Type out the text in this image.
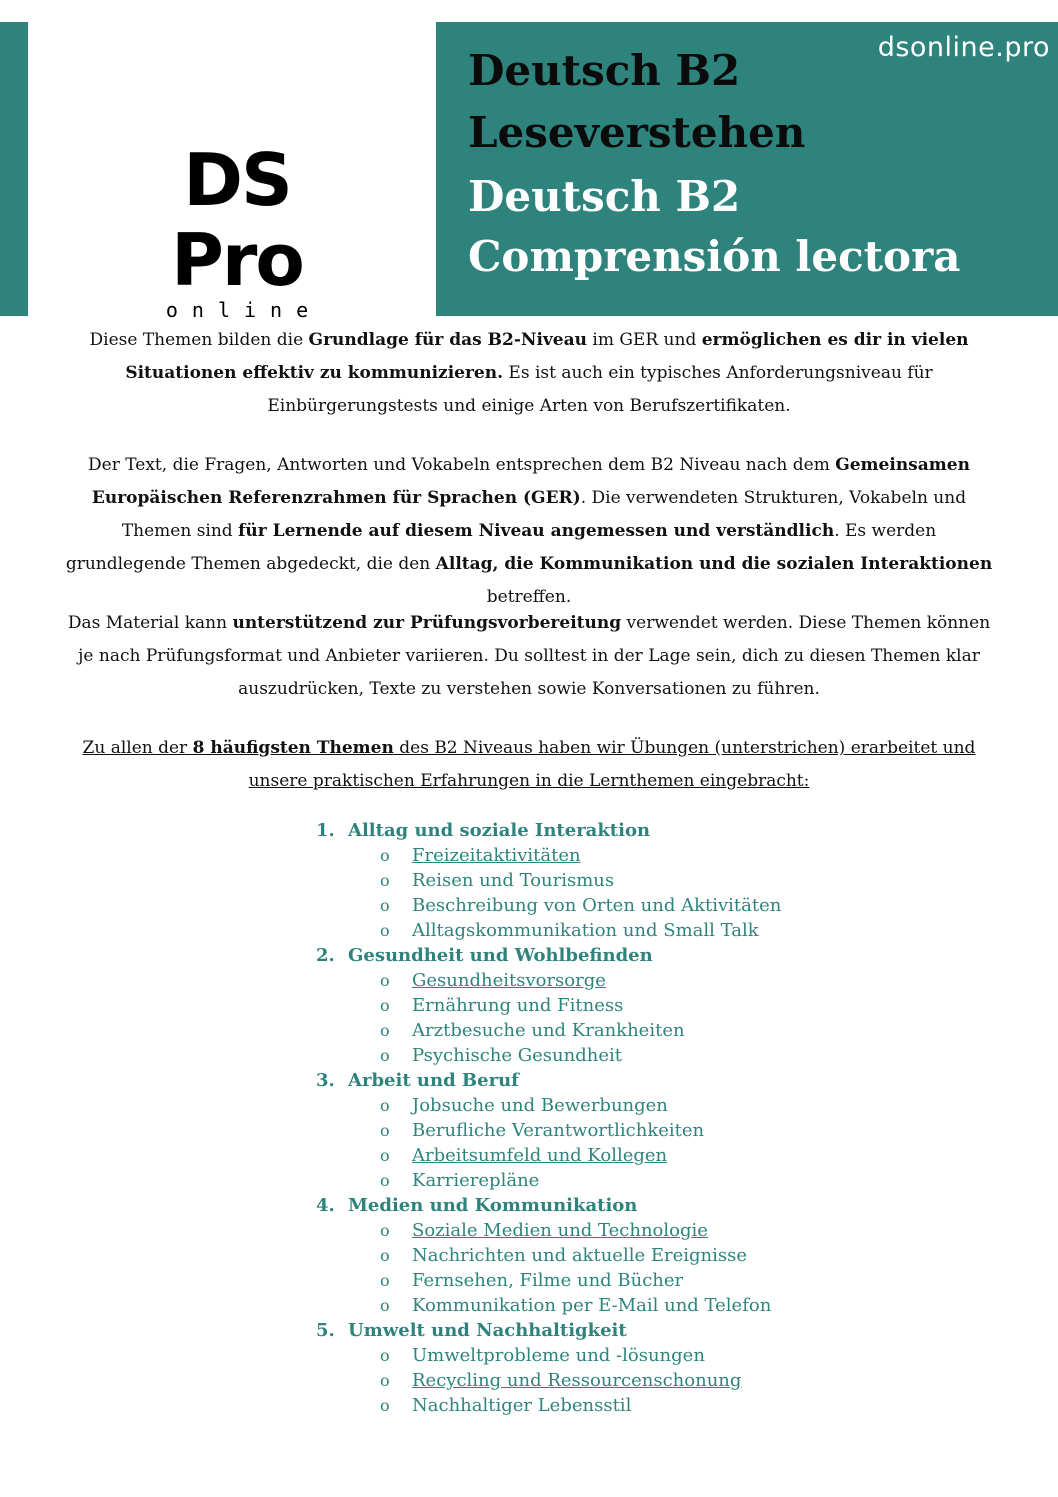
DS Pro
online
dsonline.pro
Deutsch B2
Leseverstehen
Deutsch B2
Comprensión lectora
Diese Themen bilden die Grundlage für das B2-Niveau im GER und ermöglichen es dir in vielen Situationen effektiv zu kommunizieren. Es ist auch ein typisches Anforderungsniveau für Einbürgerungstests und einige Arten von Berufszertifikaten.
Der Text, die Fragen, Antworten und Vokabeln entsprechen dem B2 Niveau nach dem Gemeinsamen Europäischen Referenzrahmen für Sprachen (GER). Die verwendeten Strukturen, Vokabeln und Themen sind für Lernende auf diesem Niveau angemessen und verständlich. Es werden grundlegende Themen abgedeckt, die den Alltag, die Kommunikation und die sozialen Interaktionen betreffen.
Das Material kann unterstützend zur Prüfungsvorbereitung verwendet werden. Diese Themen können je nach Prüfungsformat und Anbieter variieren. Du solltest in der Lage sein, dich zu diesen Themen klar auszudrücken, Texte zu verstehen sowie Konversationen zu führen.
Zu allen der 8 häufigsten Themen des B2 Niveaus haben wir Übungen (unterstrichen) erarbeitet und unsere praktischen Erfahrungen in die Lernthemen eingebracht:
1. Alltag und soziale Interaktion
o Freizeitaktivitäten
o Reisen und Tourismus
o Beschreibung von Orten und Aktivitäten
o Alltagskommunikation und Small Talk
2. Gesundheit und Wohlbefinden
o Gesundheitsvorsorge
o Ernährung und Fitness
o Arztbesuche und Krankheiten
o Psychische Gesundheit
3. Arbeit und Beruf
o Jobsuche und Bewerbungen
o Berufliche Verantwortlichkeiten
o Arbeitsumfeld und Kollegen
o Karrierepläne
4. Medien und Kommunikation
o Soziale Medien und Technologie
o Nachrichten und aktuelle Ereignisse
o Fernsehen, Filme und Bücher
o Kommunikation per E-Mail und Telefon
5. Umwelt und Nachhaltigkeit
o Umweltprobleme und -lösungen
o Recycling und Ressourcenschonung
o Nachhaltiger Lebensstil
